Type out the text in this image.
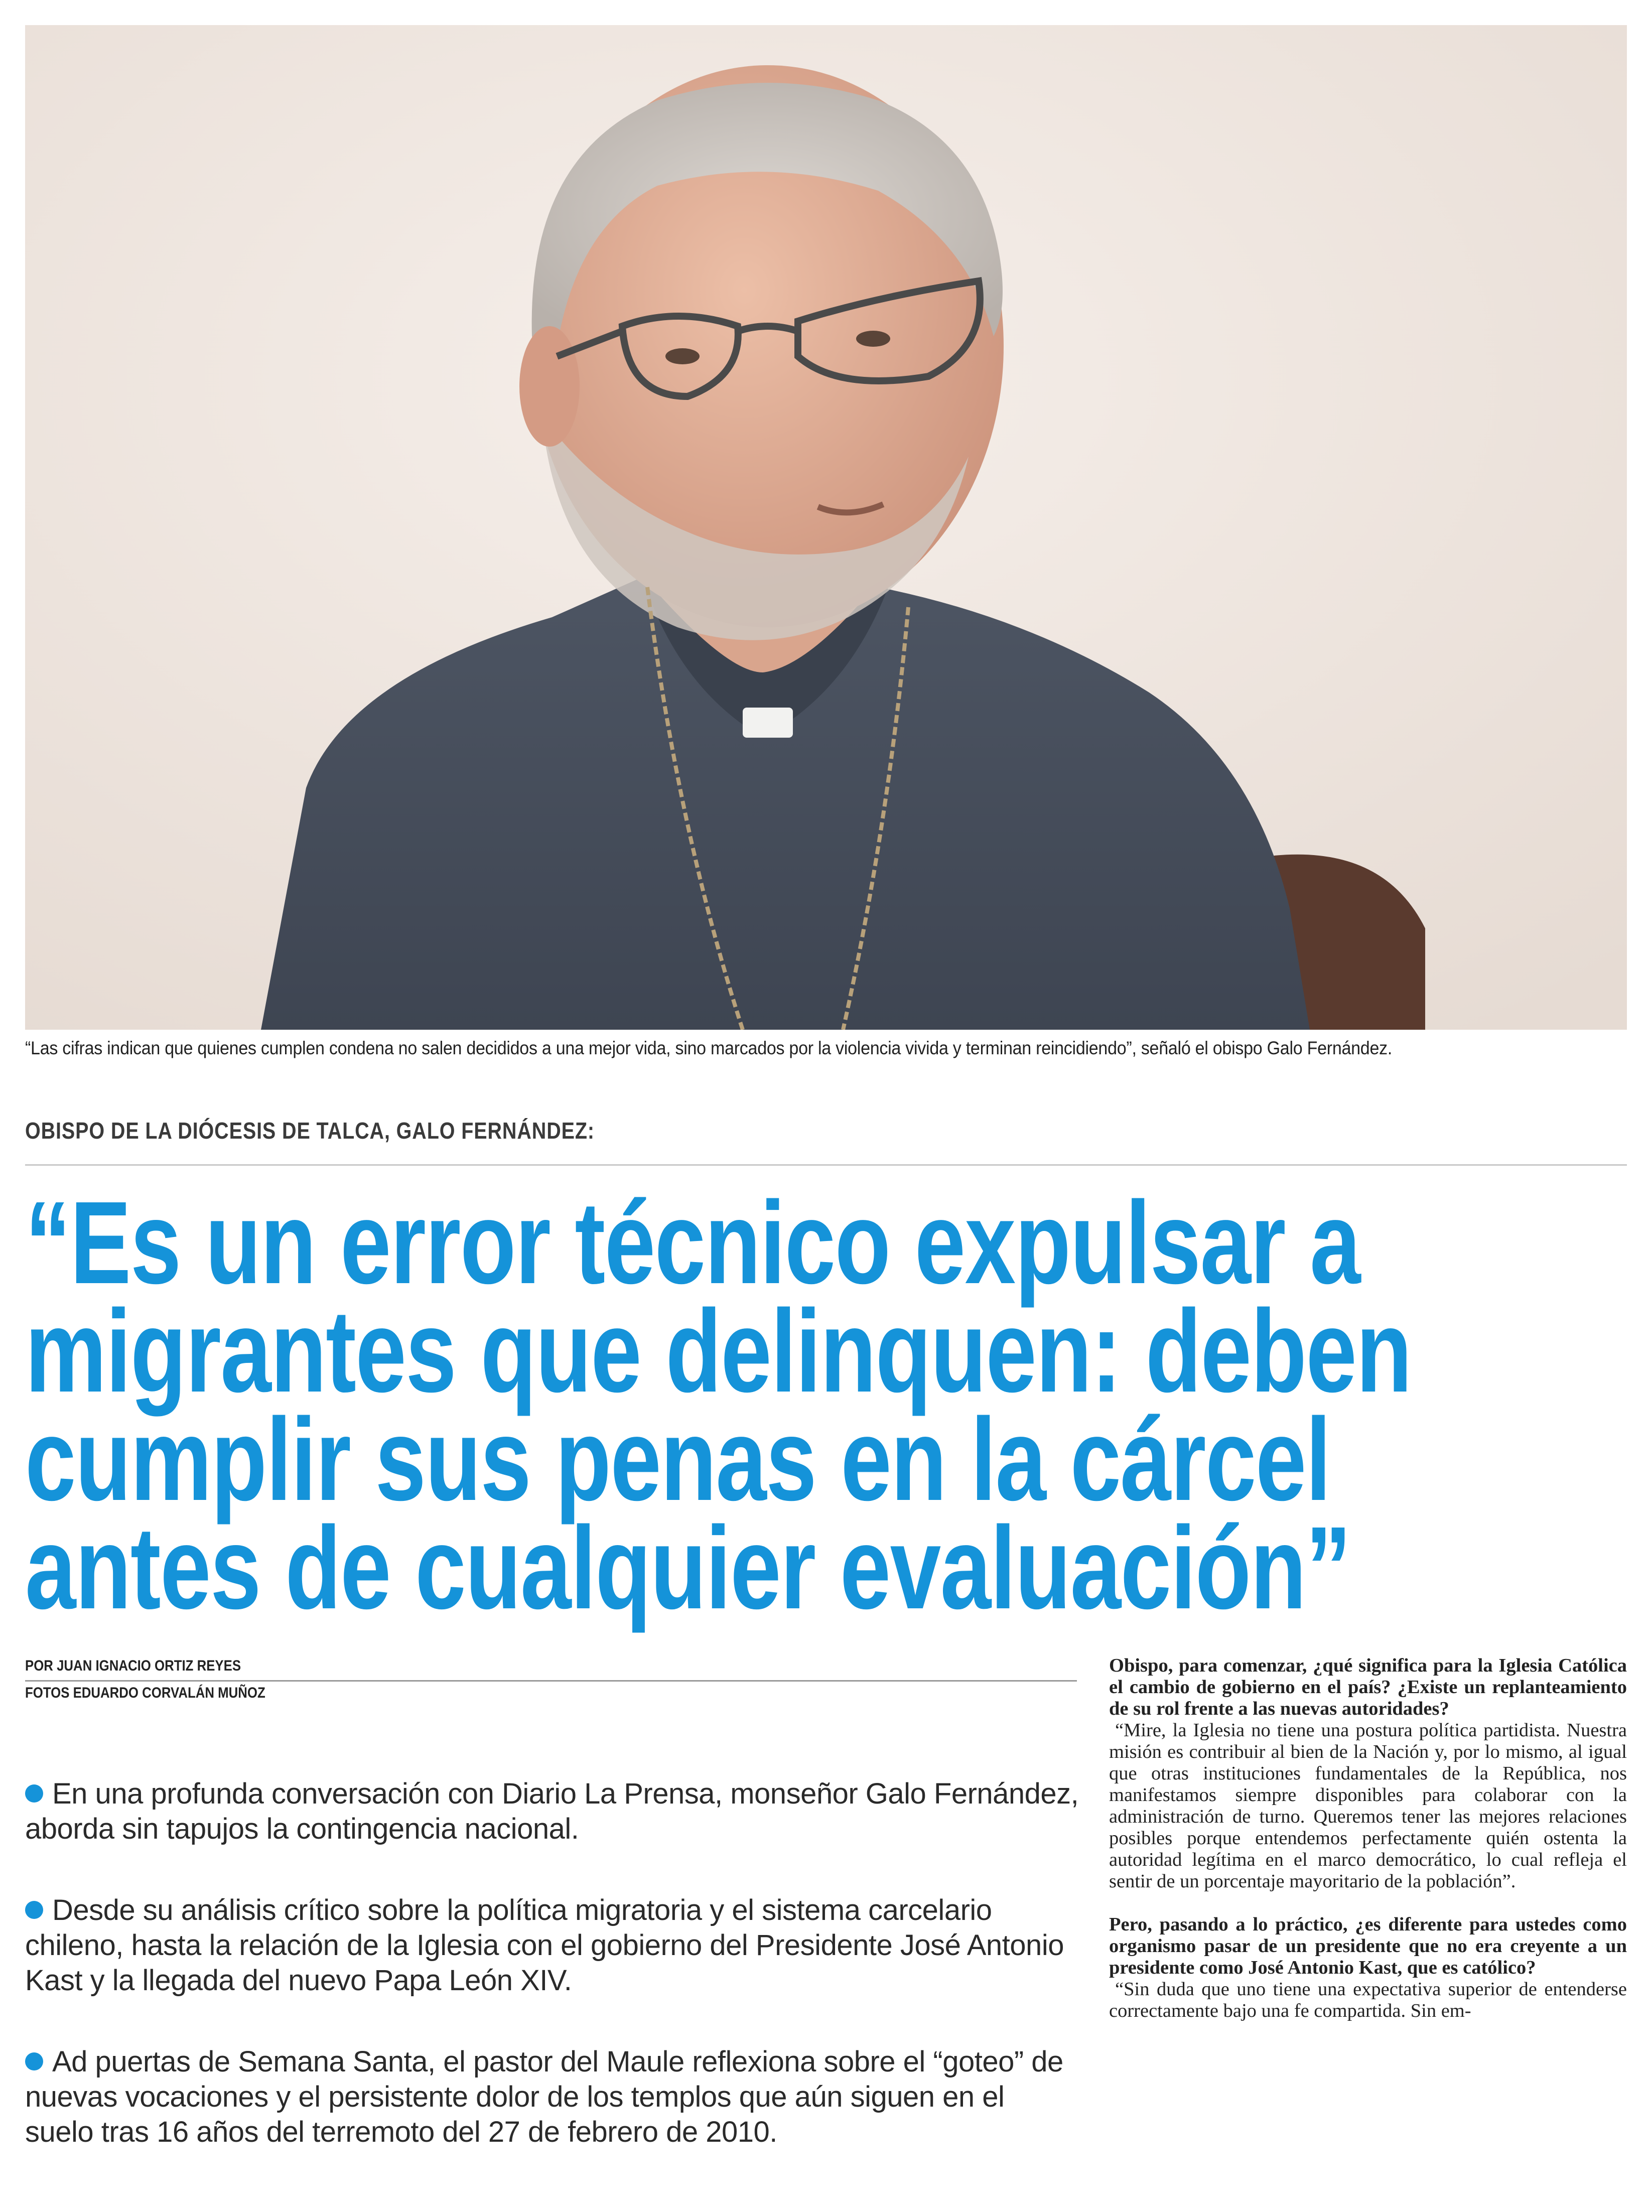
“Las cifras indican que quienes cumplen condena no salen decididos a una mejor vida, sino marcados por la violencia vivida y terminan reincidiendo”, señaló el obispo Galo Fernández.
OBISPO DE LA DIÓCESIS DE TALCA, GALO FERNÁNDEZ:
“Es un error técnico expulsar a
migrantes que delinquen: deben
cumplir sus penas en la cárcel
antes de cualquier evaluación”
POR JUAN IGNACIO ORTIZ REYES
FOTOS EDUARDO CORVALÁN MUÑOZ
En una profunda conversación con Diario La Prensa, monseñor Galo Fernández, aborda sin tapujos la contingencia nacional.
Desde su análisis crítico sobre la política migratoria y el sistema carcelario chileno, hasta la relación de la Iglesia con el gobierno del Presidente José Antonio Kast y la llegada del nuevo Papa León XIV.
Ad puertas de Semana Santa, el pastor del Maule reflexiona sobre el “goteo” de nuevas vocaciones y el persistente dolor de los templos que aún siguen en el suelo tras 16 años del terremoto del 27 de febrero de 2010.

Obispo, para comenzar, ¿qué significa para la Iglesia Católica el cambio de gobierno en el país? ¿Existe un replanteamiento de su rol frente a las nuevas autoridades?

“Mire, la Iglesia no tiene una postura política partidista. Nuestra misión es contribuir al bien de la Nación y, por lo mismo, al igual que otras instituciones fundamentales de la República, nos manifestamos siempre disponibles para colaborar con la administración de turno. Queremos tener las mejores relaciones posibles porque entendemos perfectamente quién ostenta la autoridad legítima en el marco democrático, lo cual refleja el sentir de un porcentaje mayoritario de la población”.

Pero, pasando a lo práctico, ¿es diferente para ustedes como organismo pasar de un presidente que no era creyente a un presidente como José Antonio Kast, que es católico?

“Sin duda que uno tiene una expectativa superior de entenderse correctamente bajo una fe compartida. Sin em-
